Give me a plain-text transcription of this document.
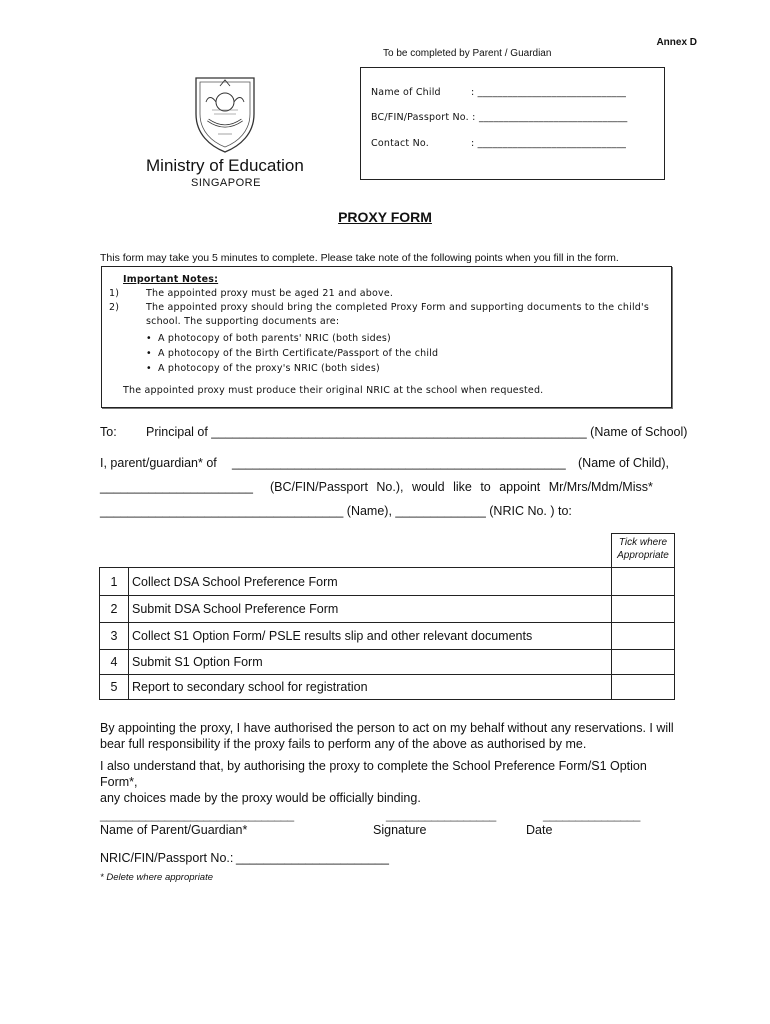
Annex D
To be completed by Parent / Guardian
Ministry of Education
SINGAPORE
Name of Child	: ______________________________
BC/FIN/Passport No. : ______________________________
Contact No.	: ______________________________
PROXY FORM
This form may take you 5 minutes to complete. Please take note of the following points when you fill in the form.
Important Notes:
1)	The appointed proxy must be aged 21 and above.
2)	The appointed proxy should bring the completed Proxy Form and supporting documents to the child's
school. The supporting documents are:
• A photocopy of both parents' NRIC (both sides)
• A photocopy of the Birth Certificate/Passport of the child
• A photocopy of the proxy's NRIC (both sides)
The appointed proxy must produce their original NRIC at the school when requested.
To: Principal of ______________________________________________________ (Name of School)
I, parent/guardian* of ________________________________________________ (Name of Child),
______________________ (BC/FIN/Passport No.), would like to appoint Mr/Mrs/Mdm/Miss*
___________________________________ (Name), _____________ (NRIC No. ) to:

		Tick where
Appropriate

1	Collect DSA School Preference Form	
2	Submit DSA School Preference Form	
3	Collect S1 Option Form/ PSLE results slip and other relevant documents	
4	Submit S1 Option Form	
5	Report to secondary school for registration	
By appointing the proxy, I have authorised the person to act on my behalf without any reservations. I will
bear full responsibility if the proxy fails to perform any of the above as authorised by me.
I also understand that, by authorising the proxy to complete the School Preference Form/S1 Option Form*,
any choices made by the proxy would be officially binding.
______________________________	_________________	_______________
Name of Parent/Guardian*	Signature	Date
NRIC/FIN/Passport No.: ______________________
* Delete where appropriate
